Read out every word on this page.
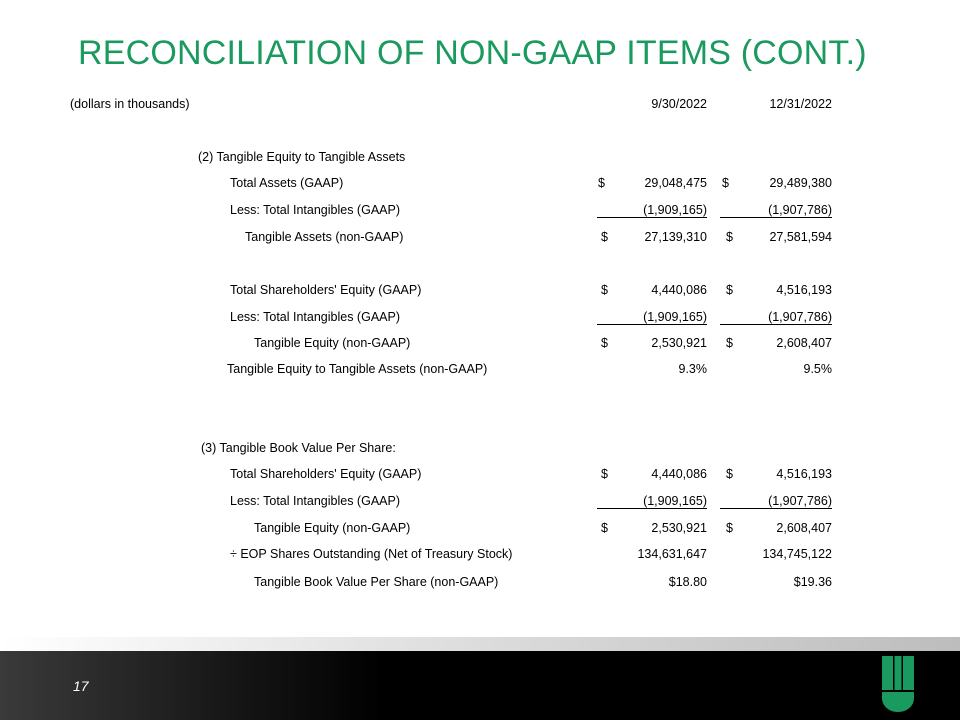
RECONCILIATION OF NON-GAAP ITEMS (CONT.)
(dollars in thousands)	9/30/2022	12/31/2022
(2) Tangible Equity to Tangible Assets
Total Assets (GAAP)	$	29,048,475 $	29,489,380
Less: Total Intangibles (GAAP)	(1,909,165)	(1,907,786)
Tangible Assets (non-GAAP)	$	27,139,310 $	27,581,594
Total Shareholders' Equity (GAAP)	$	4,440,086 $	4,516,193
Less: Total Intangibles (GAAP)	(1,909,165)	(1,907,786)
Tangible Equity (non-GAAP)	$	2,530,921 $	2,608,407
Tangible Equity to Tangible Assets (non-GAAP)	9.3%	9.5%
(3) Tangible Book Value Per Share:
Total Shareholders' Equity (GAAP)	$	4,440,086 $	4,516,193
Less: Total Intangibles (GAAP)	(1,909,165)	(1,907,786)
Tangible Equity (non-GAAP)	$	2,530,921 $	2,608,407
÷ EOP Shares Outstanding (Net of Treasury Stock)	134,631,647	134,745,122
Tangible Book Value Per Share (non-GAAP)	$18.80	$19.36
17
